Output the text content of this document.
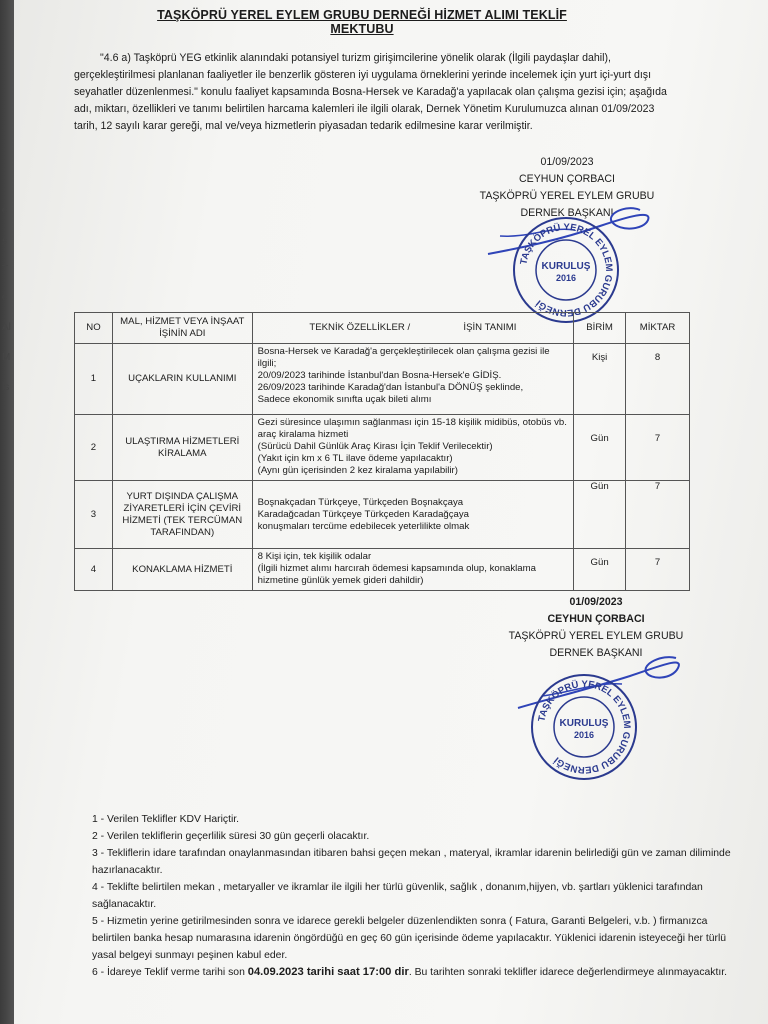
ç
ş
T
ç
Al
M
is
TAŞKÖPRÜ YEREL EYLEM GRUBU DERNEĞİ HİZMET ALIMI TEKLİF MEKTUBU

"4.6 a) Taşköprü YEG etkinlik alanındaki potansiyel turizm girişimcilerine yönelik olarak (İlgili paydaşlar dahil), gerçekleştirilmesi planlanan faaliyetler ile benzerlik gösteren iyi uygulama örneklerini yerinde incelemek için yurt içi-yurt dışı seyahatler düzenlenmesi." konulu faaliyet kapsamında Bosna-Hersek ve Karadağ'a yapılacak olan çalışma gezisi için; aşağıda adı, miktarı, özellikleri ve tanımı belirtilen harcama kalemleri ile ilgili olarak, Dernek Yönetim Kurulumuzca alınan 01/09/2023 tarih, 12 sayılı karar gereği, mal ve/veya hizmetlerin piyasadan tedarik edilmesine karar verilmiştir.

01/09/2023
CEYHUN ÇORBACI
TAŞKÖPRÜ YEREL EYLEM GRUBU
DERNEK BAŞKANI
TAŞKÖPRÜ YEREL EYLEM GURUBU DERNEĞİ
KURULUŞ
2016
NO	MAL, HİZMET VEYA İNŞAAT İŞİNİN ADI	TEKNİK ÖZELLİKLER /                    İŞİN TANIMI	BİRİM	MİKTAR
1	UÇAKLARIN KULLANIMI	Bosna-Hersek ve Karadağ'a gerçekleştirilecek olan çalışma gezisi ile ilgili;
20/09/2023 tarihinde İstanbul'dan Bosna-Hersek'e GİDİŞ.
26/09/2023 tarihinde Karadağ'dan İstanbul'a DÖNÜŞ şeklinde,
Sadece ekonomik sınıfta uçak bileti alımı	Kişi	8
2	ULAŞTIRMA HİZMETLERİ KİRALAMA	Gezi süresince ulaşımın sağlanması için 15-18 kişilik midibüs, otobüs vb. araç kiralama hizmeti
(Sürücü Dahil Günlük Araç Kirası İçin Teklif Verilecektir)
(Yakıt için km x 6 TL ilave ödeme yapılacaktır)
(Aynı gün içerisinden 2 kez kiralama yapılabilir)	Gün	7
3	YURT DIŞINDA ÇALIŞMA ZİYARETLERİ İÇİN ÇEVİRİ HİZMETİ (TEK TERCÜMAN TARAFINDAN)	Boşnakçadan Türkçeye, Türkçeden Boşnakçaya
Karadağcadan Türkçeye Türkçeden Karadağçaya
konuşmaları tercüme edebilecek yeterlilikte olmak	Gün	7
4	KONAKLAMA HİZMETİ	8 Kişi için, tek kişilik odalar
(İlgili hizmet alımı harcırah ödemesi kapsamında olup, konaklama hizmetine günlük yemek gideri dahildir)	Gün	7
01/09/2023
CEYHUN ÇORBACI
TAŞKÖPRÜ YEREL EYLEM GRUBU
DERNEK BAŞKANI
TAŞKÖPRÜ YEREL EYLEM GURUBU DERNEĞİ
KURULUŞ
2016

1 - Verilen Teklifler KDV Hariçtir.

2 - Verilen tekliflerin geçerlilik süresi 30 gün geçerli olacaktır.

3 - Tekliflerin idare tarafından onaylanmasından itibaren bahsi geçen mekan , materyal, ikramlar idarenin belirlediği gün ve zaman diliminde hazırlanacaktır.

4 - Teklifte belirtilen mekan , metaryaller ve ikramlar ile ilgili her türlü güvenlik, sağlık , donanım,hijyen, vb. şartları yüklenici tarafından sağlanacaktır.

5 - Hizmetin yerine getirilmesinden sonra ve idarece gerekli belgeler düzenlendikten sonra ( Fatura, Garanti Belgeleri, v.b. ) firmanızca belirtilen banka hesap numarasına idarenin öngördüğü en geç 60 gün içerisinde ödeme yapılacaktır. Yüklenici idarenin isteyeceği her türlü yasal belgeyi sunmayı peşinen kabul eder.

6 - İdareye Teklif verme tarihi son 04.09.2023 tarihi saat 17:00 dir. Bu tarihten sonraki teklifler idarece değerlendirmeye alınmayacaktır.
